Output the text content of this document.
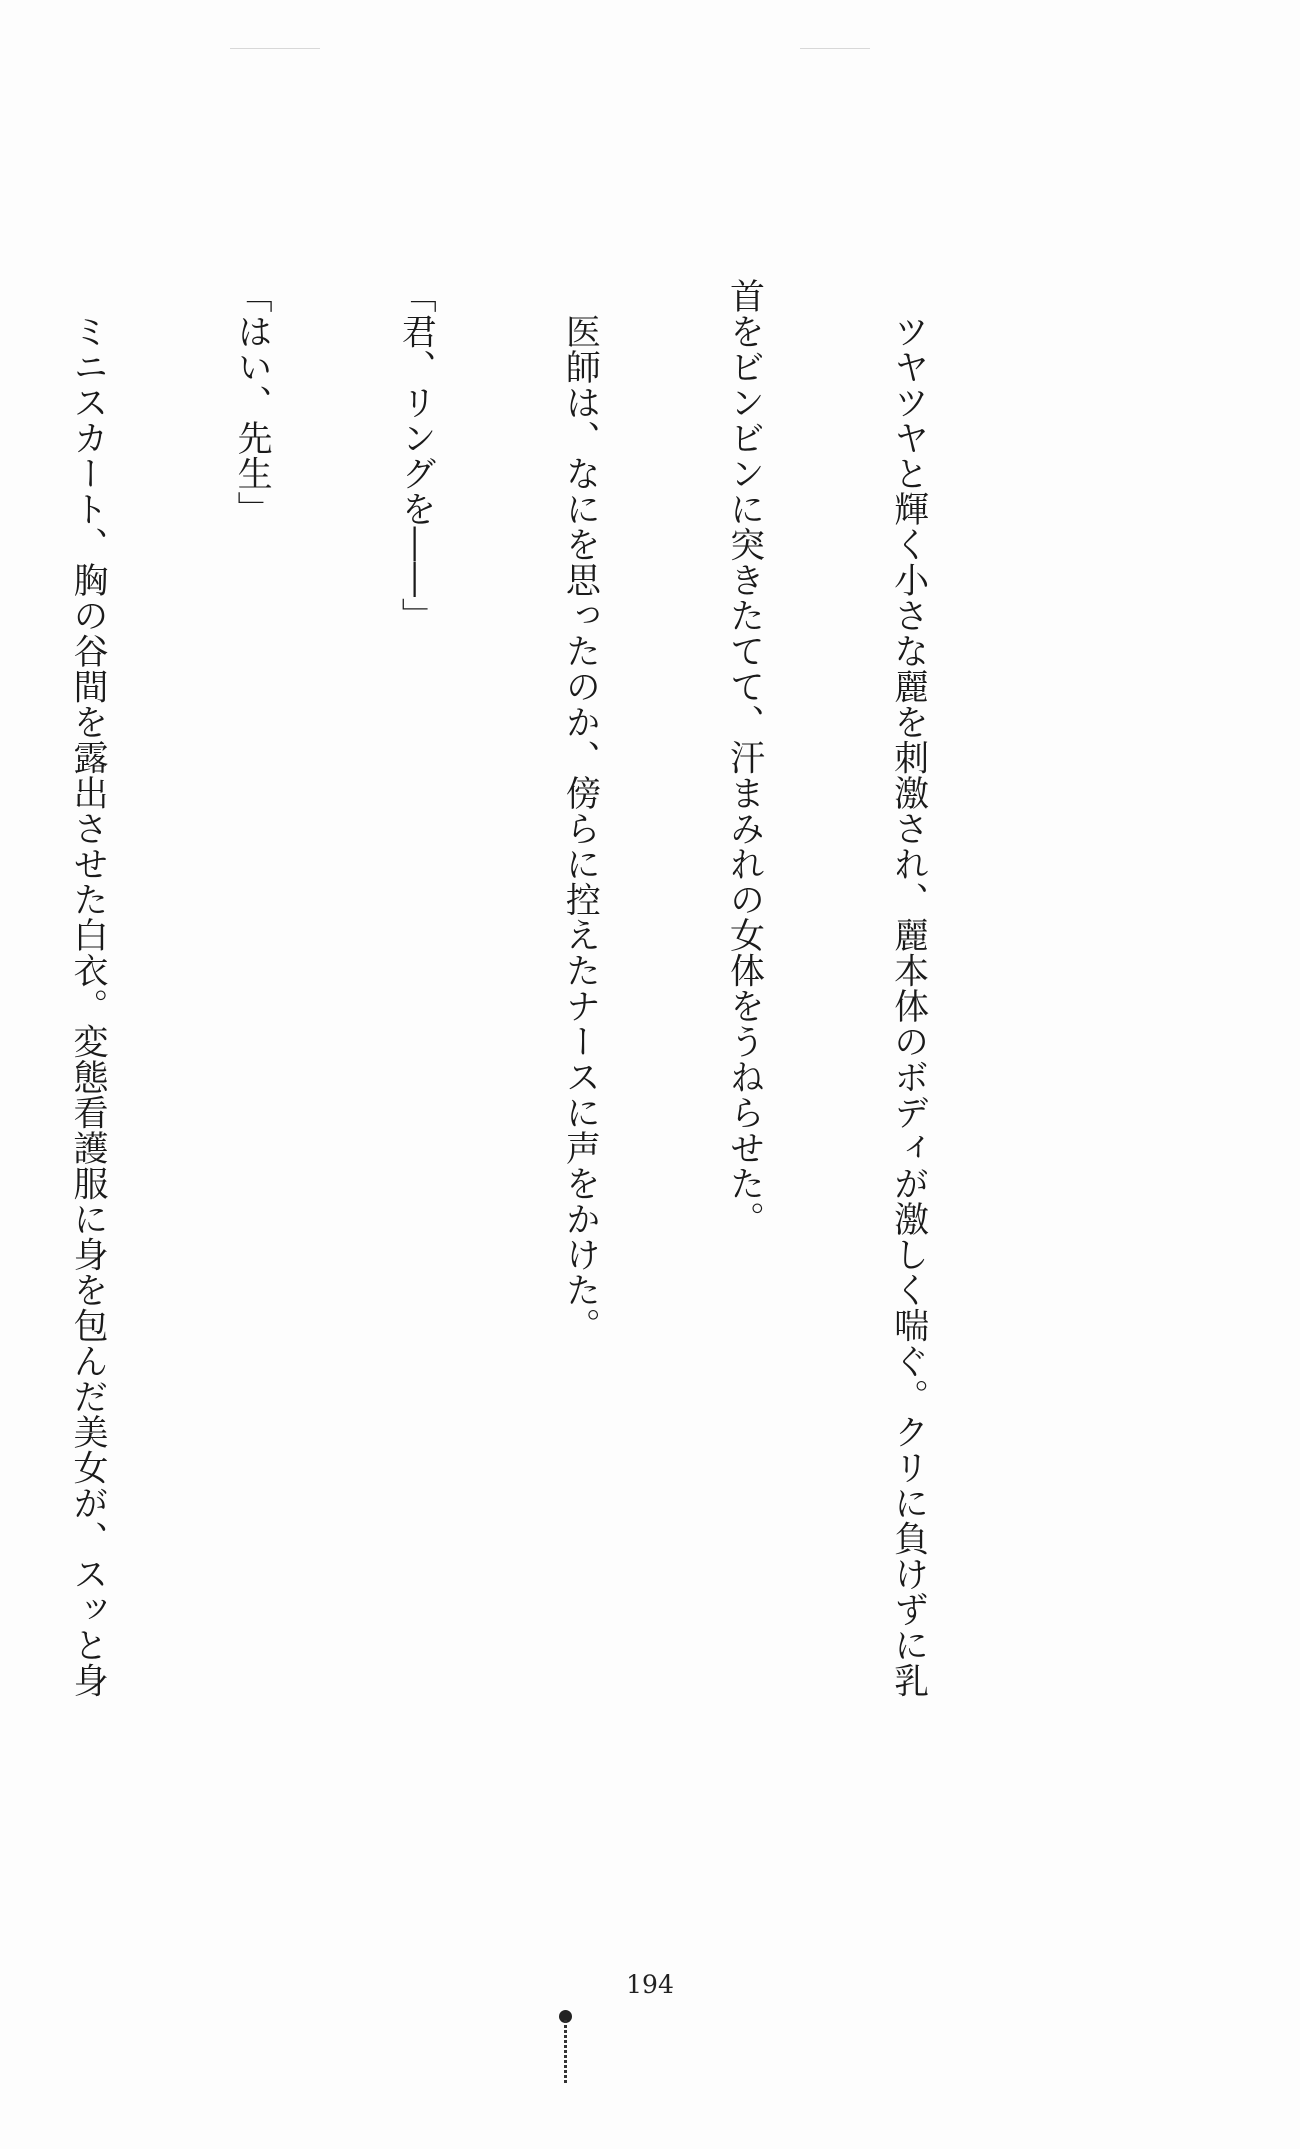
　ツヤツヤと輝く小さな麗を刺激され、麗本体のボディが激しく喘ぐ。クリに負けずに乳

首をビンビンに突きたてて、汗まみれの女体をうねらせた。

　医師は、なにを思ったのか、傍らに控えたナースに声をかけた。

「君、リングを――」

「はい、先生」

　ミニスカート、胸の谷間を露出させた白衣。変態看護服に身を包んだ美女が、スッと身

194
